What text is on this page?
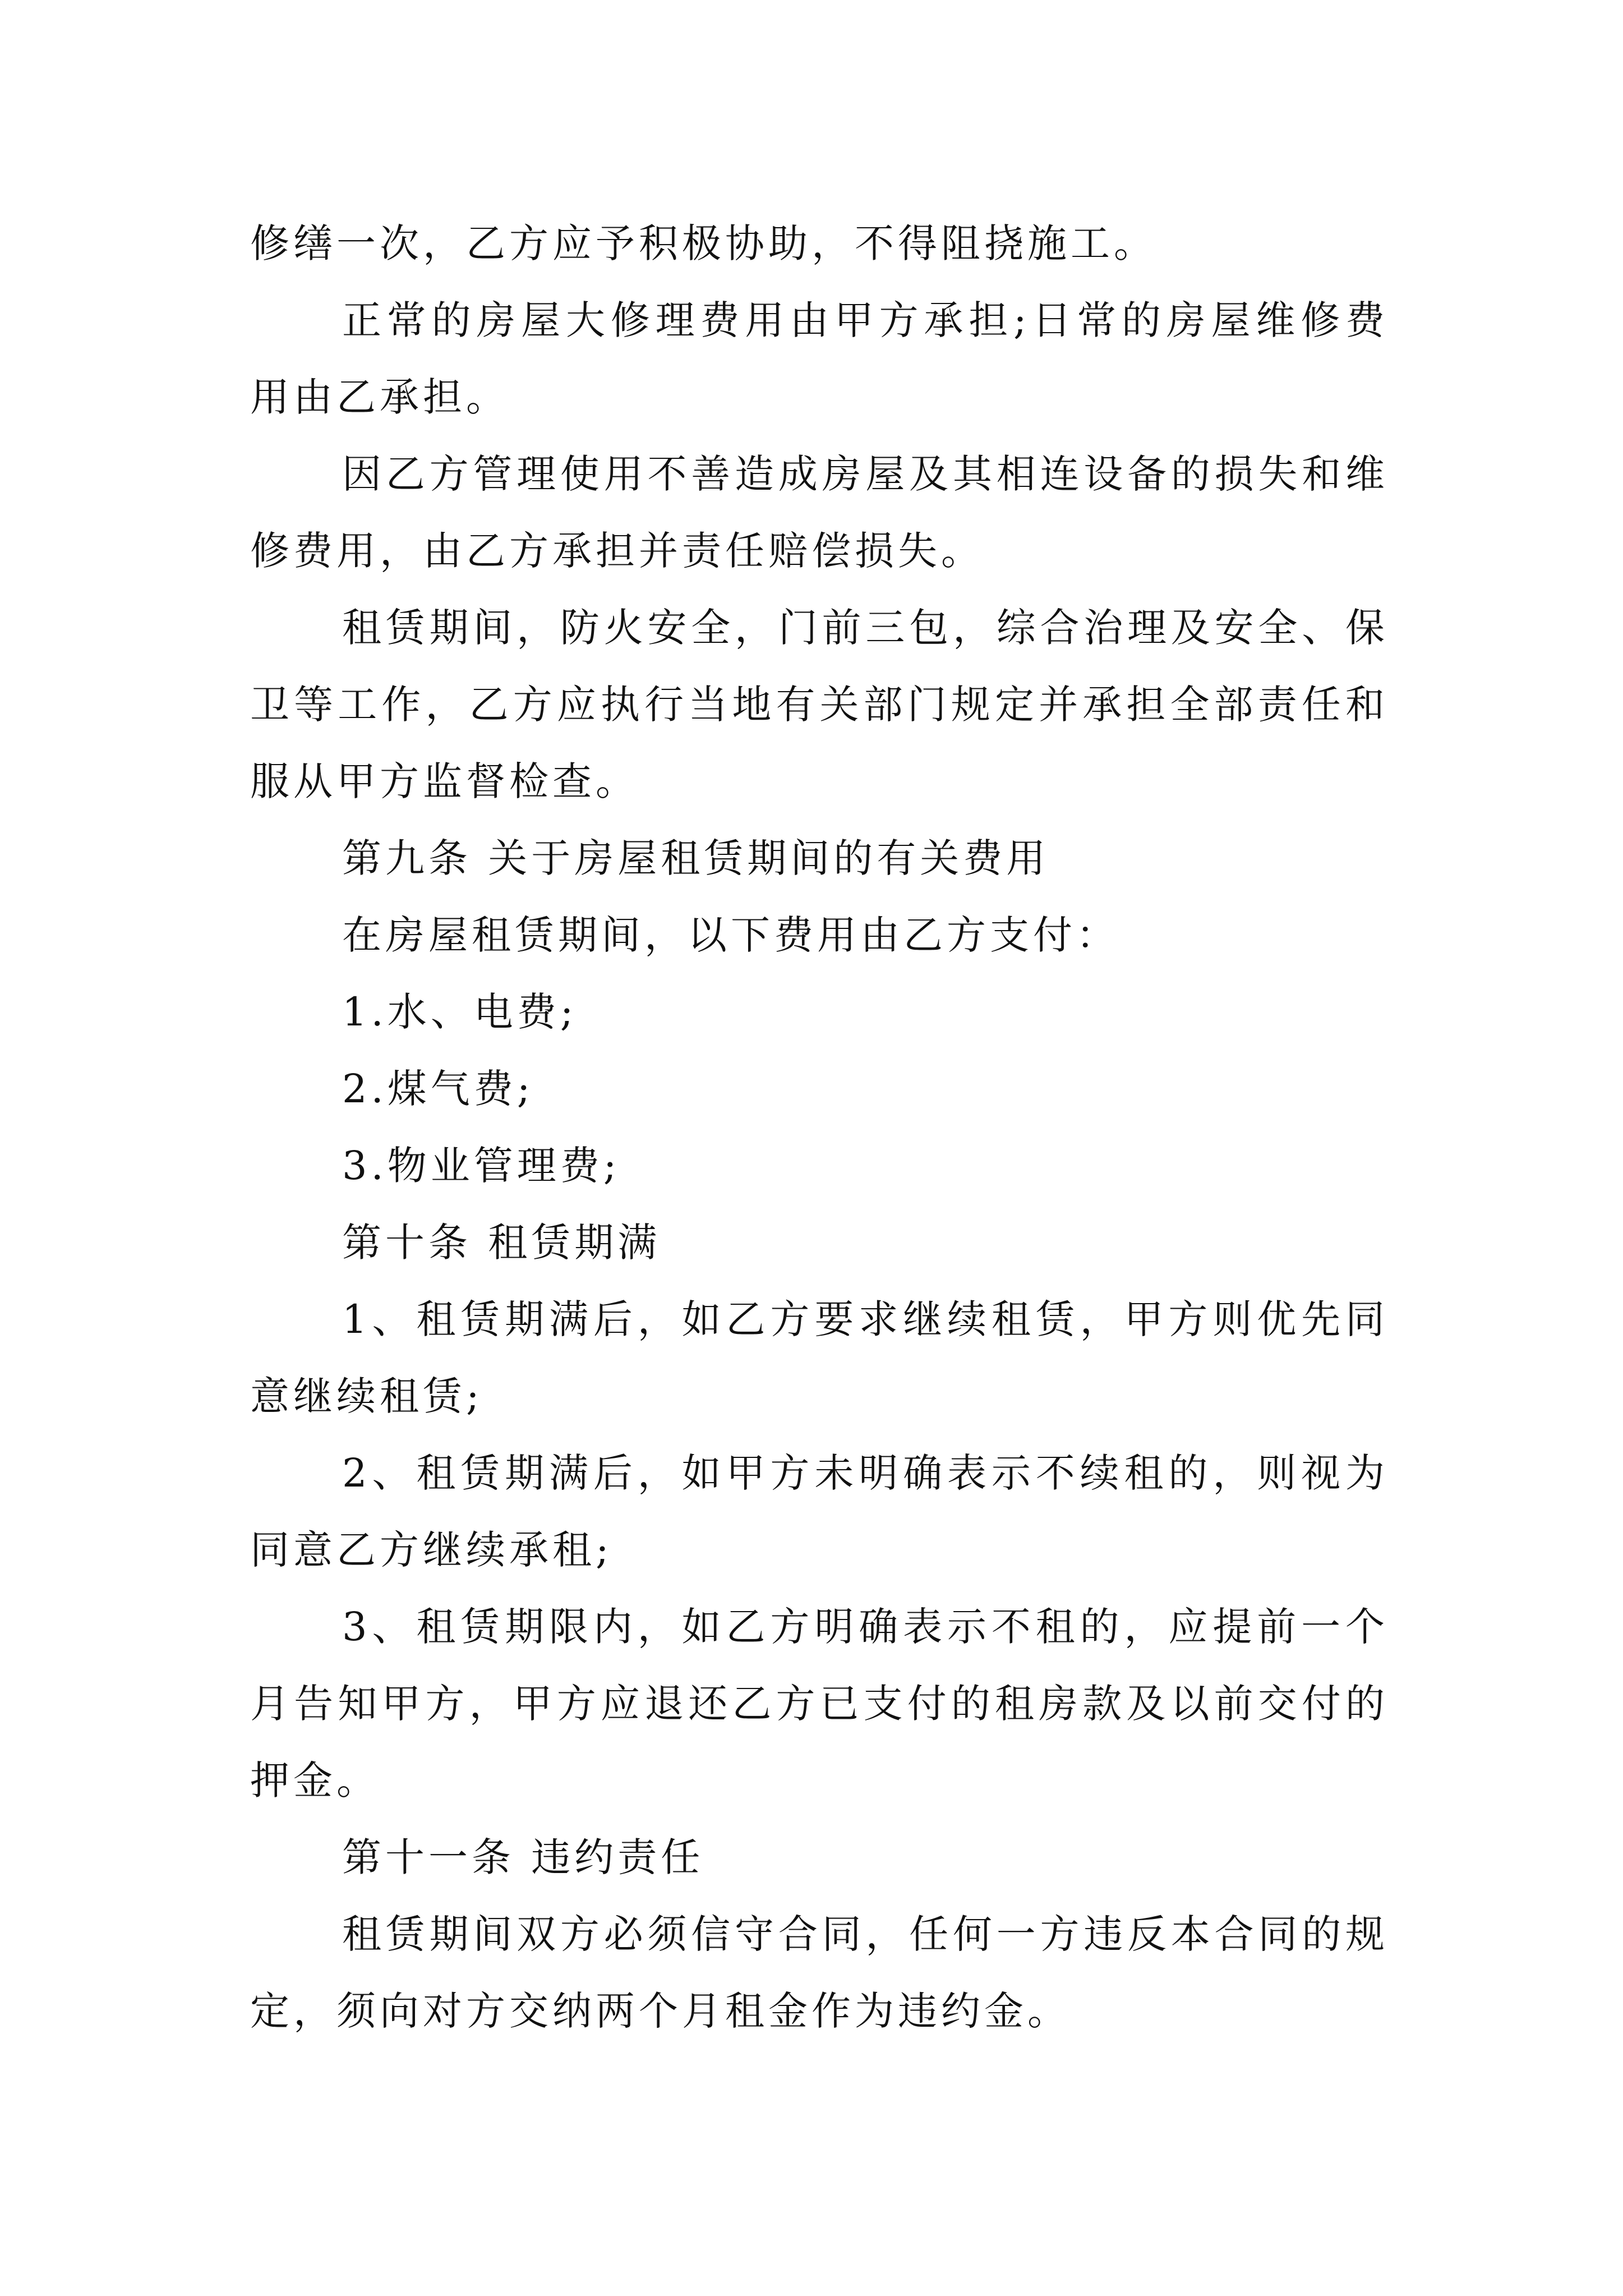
修缮一次，乙方应予积极协助，不得阻挠施工。

正常的房屋大修理费用由甲方承担;日常的房屋维修费用由乙承担。

因乙方管理使用不善造成房屋及其相连设备的损失和维修费用，由乙方承担并责任赔偿损失。

租赁期间，防火安全，门前三包，综合治理及安全、保卫等工作，乙方应执行当地有关部门规定并承担全部责任和服从甲方监督检查。

第九条 关于房屋租赁期间的有关费用

在房屋租赁期间，以下费用由乙方支付：

1.水、电费;

2.煤气费;

3.物业管理费;

第十条 租赁期满

1、租赁期满后，如乙方要求继续租赁，甲方则优先同意继续租赁;

2、租赁期满后，如甲方未明确表示不续租的，则视为同意乙方继续承租;

3、租赁期限内，如乙方明确表示不租的，应提前一个月告知甲方，甲方应退还乙方已支付的租房款及以前交付的押金。

第十一条 违约责任

租赁期间双方必须信守合同，任何一方违反本合同的规定，须向对方交纳两个月租金作为违约金。
